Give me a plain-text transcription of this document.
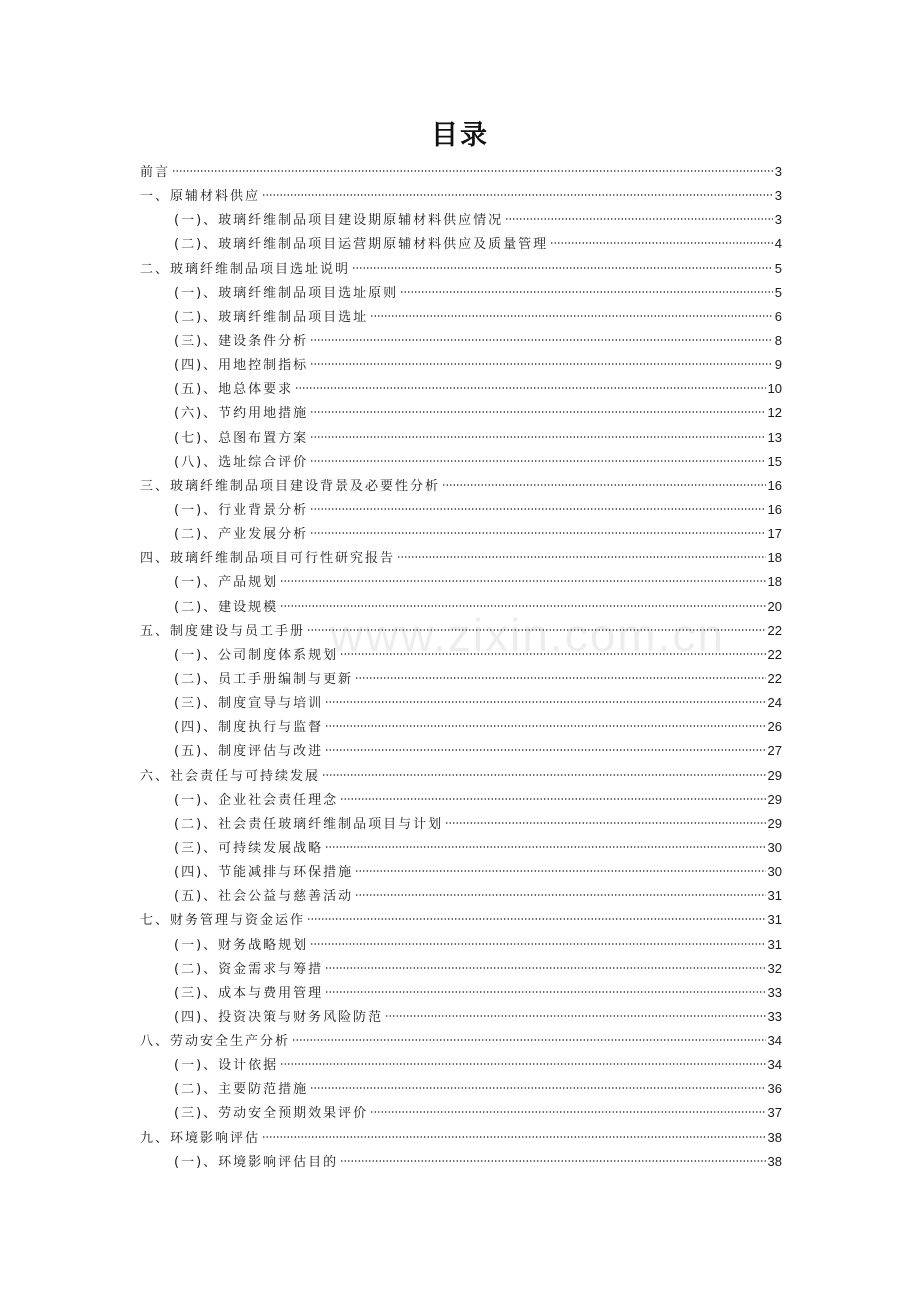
www.zixin.com.cn
目录
前言	3
一、原辅材料供应	3
(一)、玻璃纤维制品项目建设期原辅材料供应情况	3
(二)、玻璃纤维制品项目运营期原辅材料供应及质量管理	4
二、玻璃纤维制品项目选址说明	5
(一)、玻璃纤维制品项目选址原则	5
(二)、玻璃纤维制品项目选址	6
(三)、建设条件分析	8
(四)、用地控制指标	9
(五)、地总体要求	10
(六)、节约用地措施	12
(七)、总图布置方案	13
(八)、选址综合评价	15
三、玻璃纤维制品项目建设背景及必要性分析	16
(一)、行业背景分析	16
(二)、产业发展分析	17
四、玻璃纤维制品项目可行性研究报告	18
(一)、产品规划	18
(二)、建设规模	20
五、制度建设与员工手册	22
(一)、公司制度体系规划	22
(二)、员工手册编制与更新	22
(三)、制度宣导与培训	24
(四)、制度执行与监督	26
(五)、制度评估与改进	27
六、社会责任与可持续发展	29
(一)、企业社会责任理念	29
(二)、社会责任玻璃纤维制品项目与计划	29
(三)、可持续发展战略	30
(四)、节能减排与环保措施	30
(五)、社会公益与慈善活动	31
七、财务管理与资金运作	31
(一)、财务战略规划	31
(二)、资金需求与筹措	32
(三)、成本与费用管理	33
(四)、投资决策与财务风险防范	33
八、劳动安全生产分析	34
(一)、设计依据	34
(二)、主要防范措施	36
(三)、劳动安全预期效果评价	37
九、环境影响评估	38
(一)、环境影响评估目的	38
